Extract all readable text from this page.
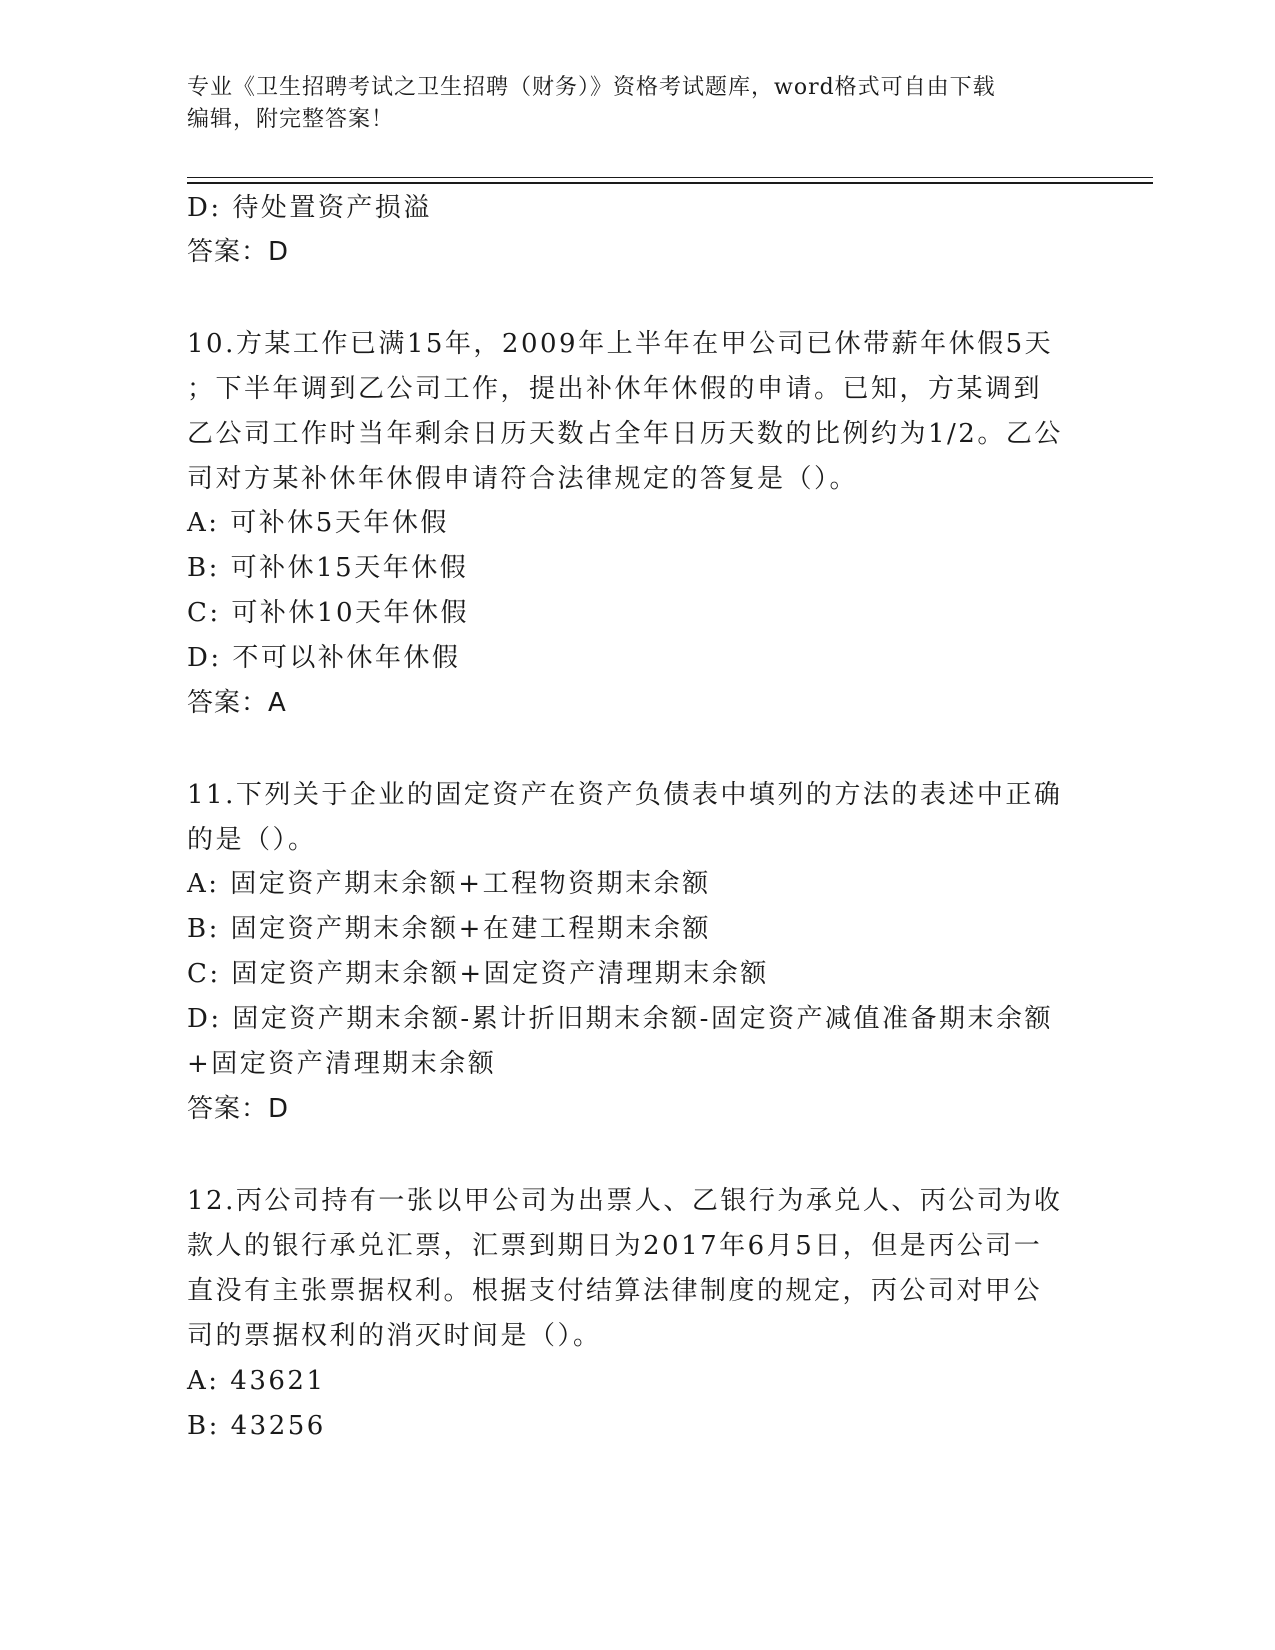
专业《卫生招聘考试之卫生招聘（财务）》资格考试题库，word格式可自由下载
编辑，附完整答案！
D: 待处置资产损溢
答案：D
10.方某工作已满15年，2009年上半年在甲公司已休带薪年休假5天
；下半年调到乙公司工作，提出补休年休假的申请。已知，方某调到
乙公司工作时当年剩余日历天数占全年日历天数的比例约为1/2。乙公
司对方某补休年休假申请符合法律规定的答复是（）。
A: 可补休5天年休假
B: 可补休15天年休假
C: 可补休10天年休假
D: 不可以补休年休假
答案：A
11.下列关于企业的固定资产在资产负债表中填列的方法的表述中正确
的是（）。
A: 固定资产期末余额+工程物资期末余额
B: 固定资产期末余额+在建工程期末余额
C: 固定资产期末余额+固定资产清理期末余额
D: 固定资产期末余额-累计折旧期末余额-固定资产减值准备期末余额
+固定资产清理期末余额
答案：D
12.丙公司持有一张以甲公司为出票人、乙银行为承兑人、丙公司为收
款人的银行承兑汇票，汇票到期日为2017年6月5日，但是丙公司一
直没有主张票据权利。根据支付结算法律制度的规定，丙公司对甲公
司的票据权利的消灭时间是（）。
A: 43621
B: 43256
